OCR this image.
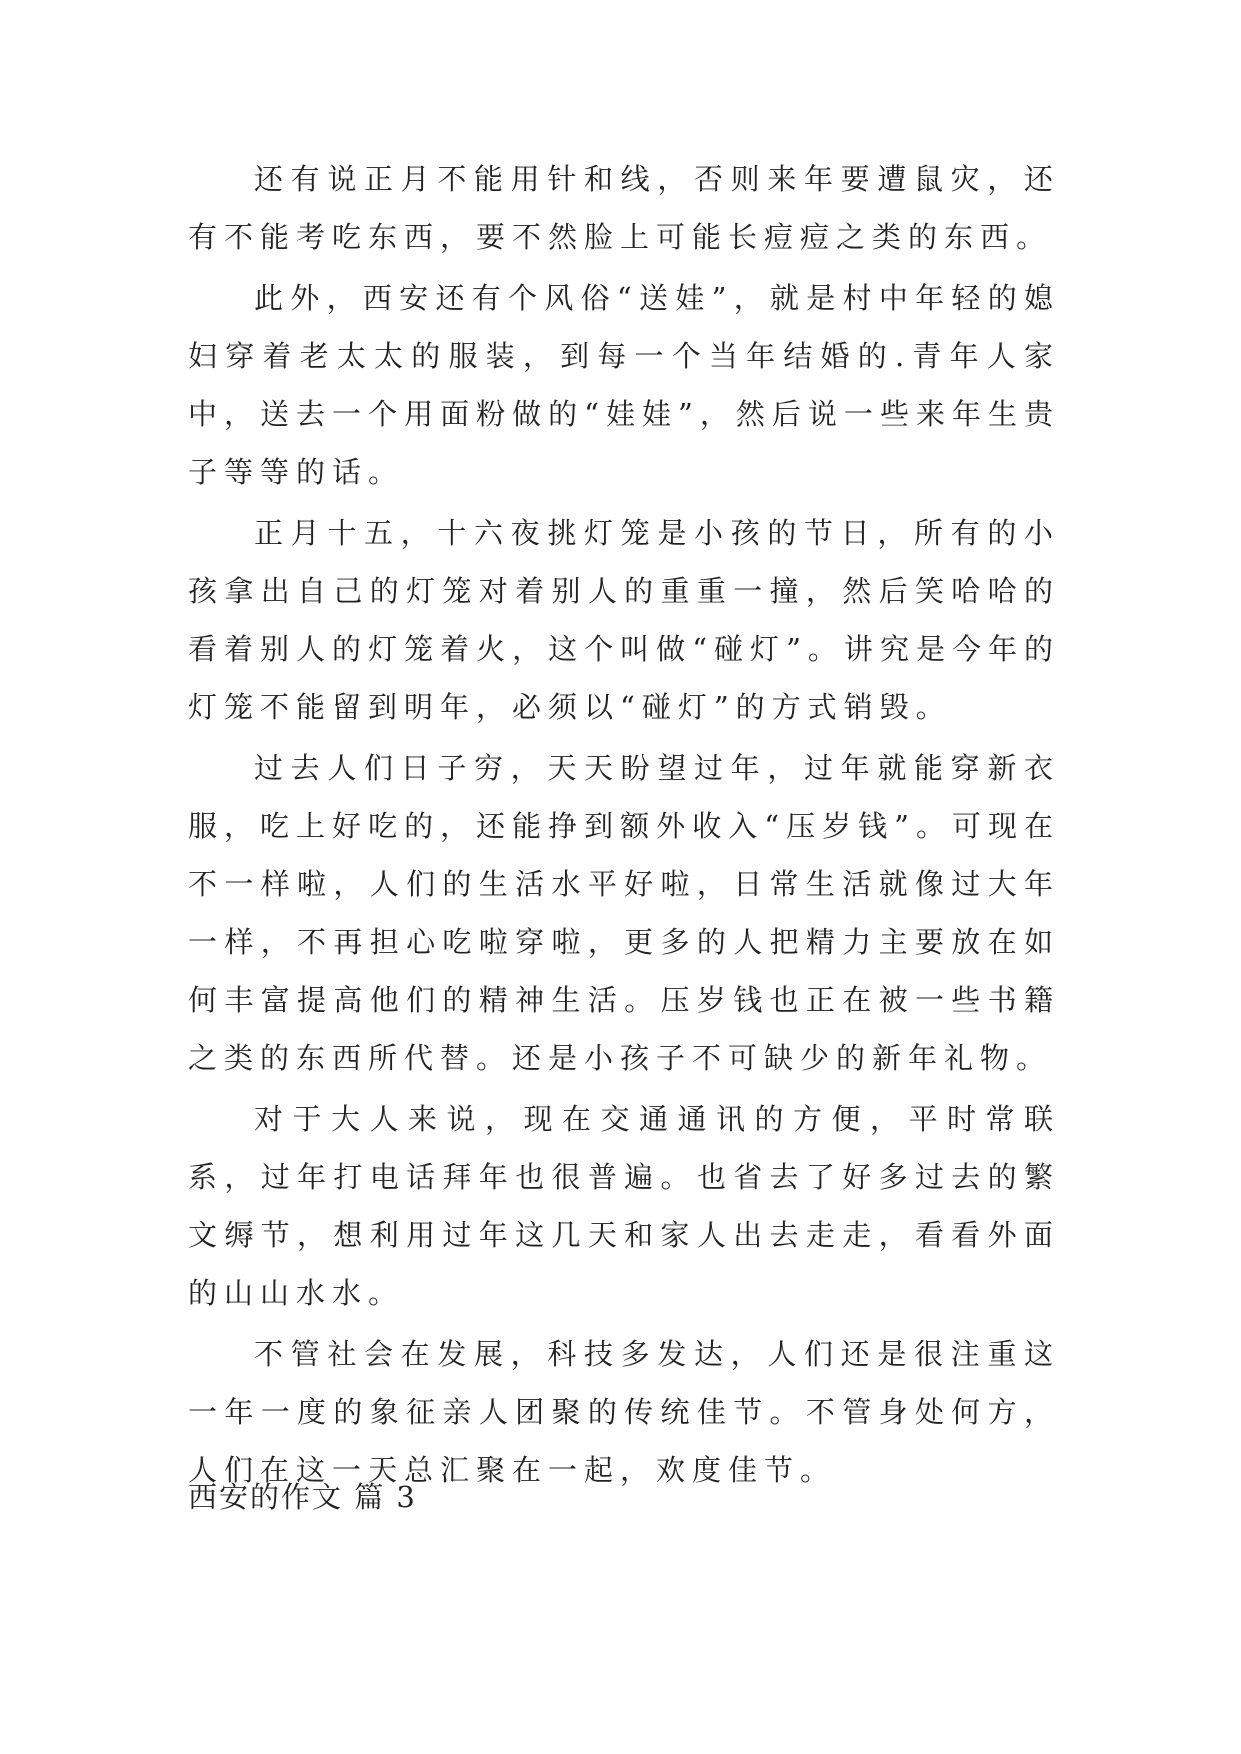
还有说正月不能用针和线，否则来年要遭鼠灾，还有不能考吃东西，要不然脸上可能长痘痘之类的东西。

此外，西安还有个风俗“送娃”，就是村中年轻的媳妇穿着老太太的服装，到每一个当年结婚的.青年人家中，送去一个用面粉做的“娃娃”，然后说一些来年生贵子等等的话。

正月十五，十六夜挑灯笼是小孩的节日，所有的小孩拿出自己的灯笼对着别人的重重一撞，然后笑哈哈的看着别人的灯笼着火，这个叫做“碰灯”。讲究是今年的灯笼不能留到明年，必须以“碰灯”的方式销毁。

过去人们日子穷，天天盼望过年，过年就能穿新衣服，吃上好吃的，还能挣到额外收入“压岁钱”。可现在不一样啦，人们的生活水平好啦，日常生活就像过大年一样，不再担心吃啦穿啦，更多的人把精力主要放在如何丰富提高他们的精神生活。压岁钱也正在被一些书籍之类的东西所代替。还是小孩子不可缺少的新年礼物。

对于大人来说，现在交通通讯的方便，平时常联系，过年打电话拜年也很普遍。也省去了好多过去的繁文缛节，想利用过年这几天和家人出去走走，看看外面的山山水水。

不管社会在发展，科技多发达，人们还是很注重这一年一度的象征亲人团聚的传统佳节。不管身处何方，人们在这一天总汇聚在一起，欢度佳节。

西安的作文 篇 3
